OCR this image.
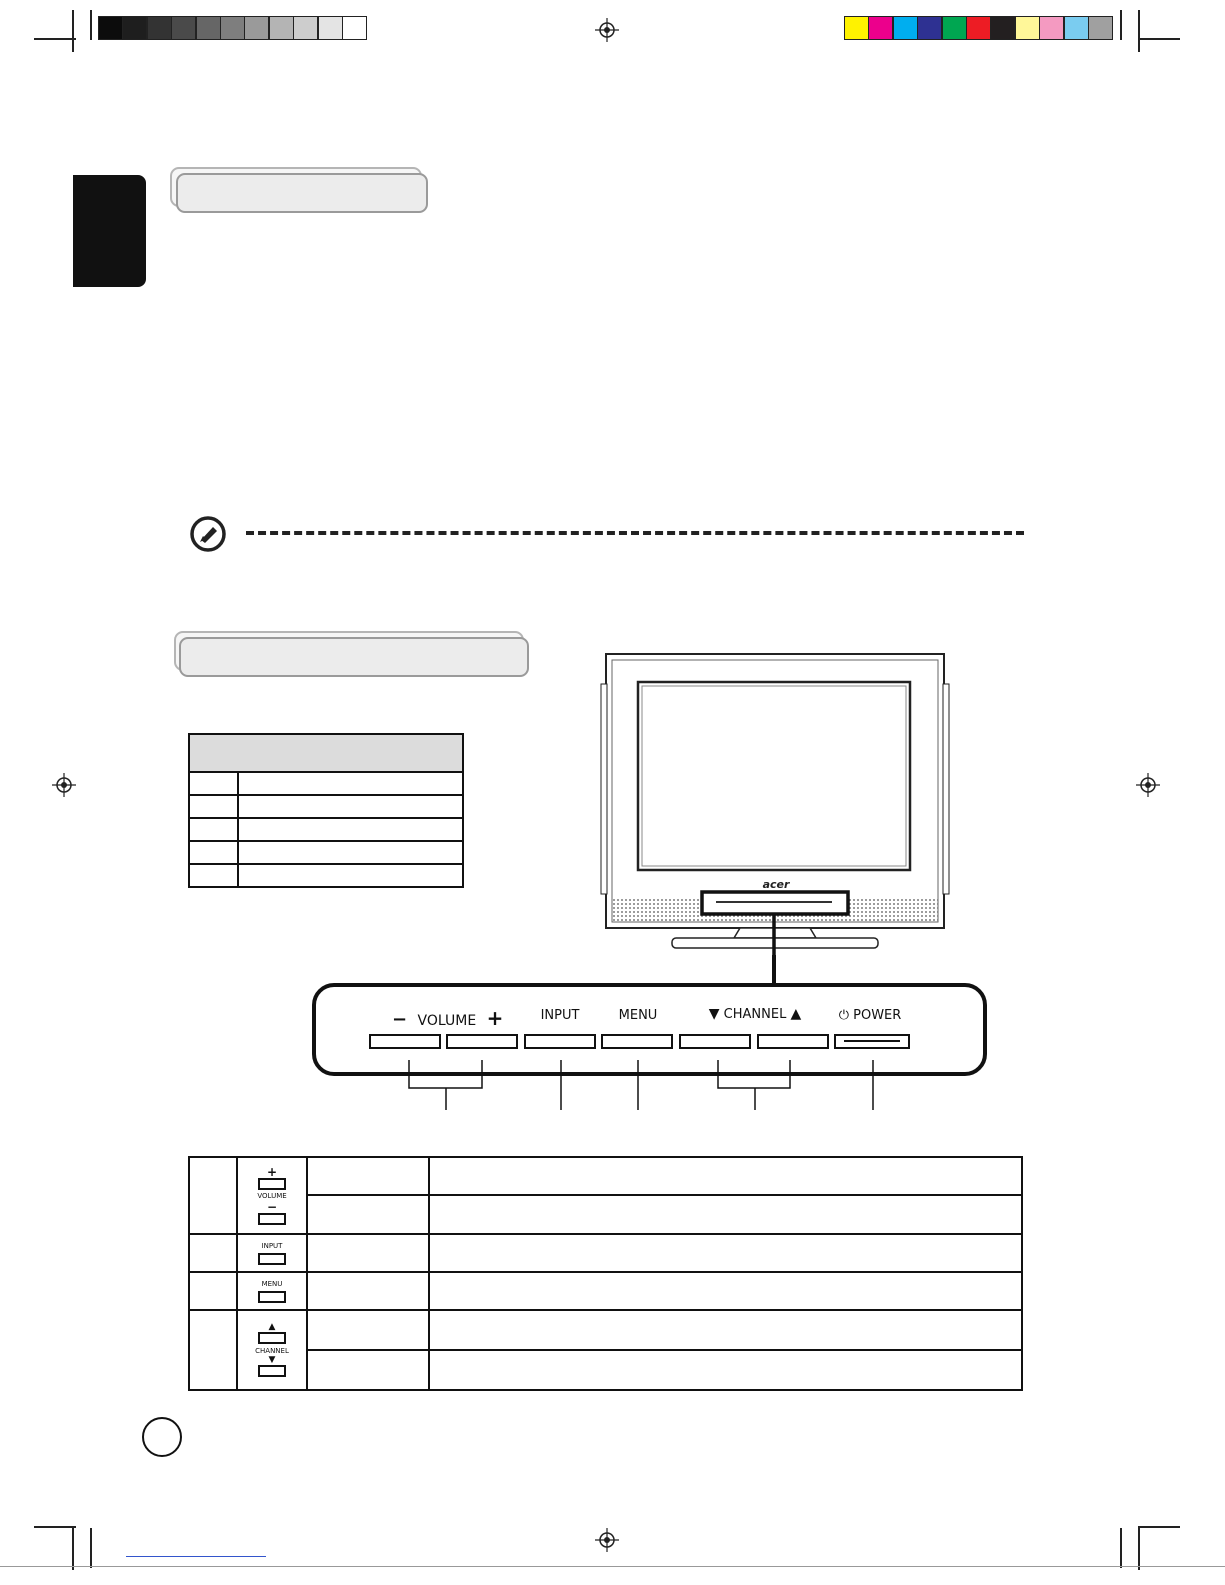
acer
− VOLUME +	INPUT	MENU	▼ CHANNEL ▲	⏻ POWER

	+
VOLUME
−		

	INPUT		

	MENU		

	▲
CHANNEL
▼		
